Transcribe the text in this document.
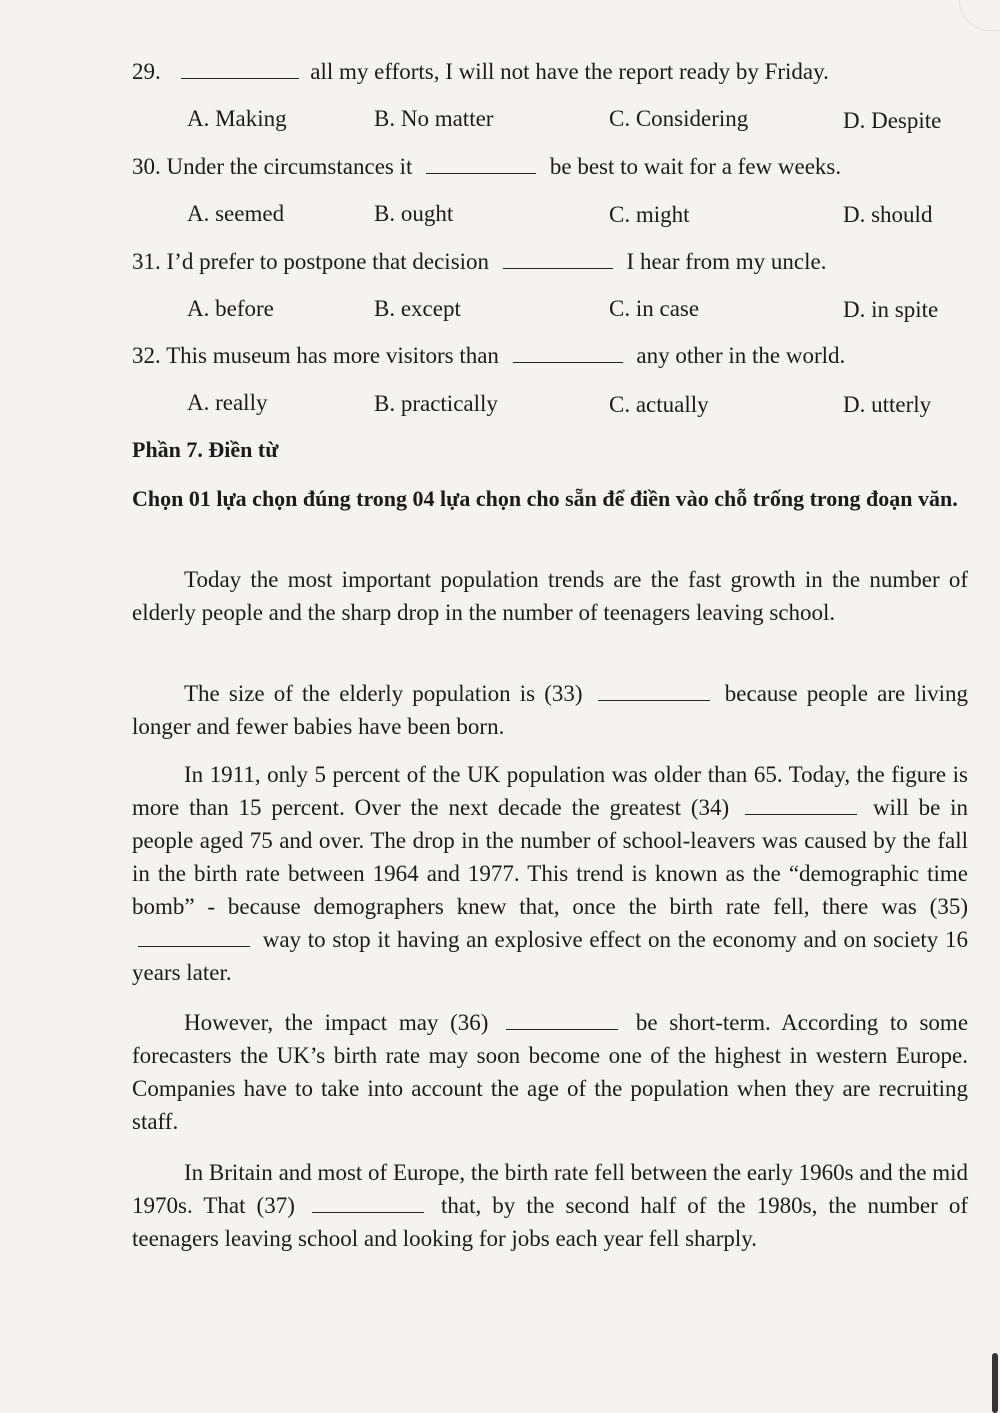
29.	all my efforts, I will not have the report ready by Friday.
A. Making	B. No matter	C. Considering	D. Despite
30. Under the circumstances it	be best to wait for a few weeks.
A. seemed	B. ought	C. might	D. should
31. I’d prefer to postpone that decision	I hear from my uncle.
A. before	B. except	C. in case	D. in spite
32. This museum has more visitors than	any other in the world.
A. really	B. practically	C. actually	D. utterly
Phần 7. Điền từ
Chọn 01 lựa chọn đúng trong 04 lựa chọn cho sẵn để điền vào chỗ trống trong đoạn văn.
Today the most important population trends are the fast growth in the number of elderly people and the sharp drop in the number of teenagers leaving school.
The size of the elderly population is (33)	because people are living longer and fewer babies have been born.
In 1911, only 5 percent of the UK population was older than 65. Today, the figure is more than 15 percent. Over the next decade the greatest (34)	will be in people aged 75 and over. The drop in the number of school-leavers was caused by the fall in the birth rate between 1964 and 1977. This trend is known as the “demographic time bomb” - because demographers knew that, once the birth rate fell, there was (35)  way to stop it having an explosive effect on the economy and on society 16 years later.
However, the impact may (36)	be short-term. According to some forecasters the UK’s birth rate may soon become one of the highest in western Europe. Companies have to take into account the age of the population when they are recruiting staff.
In Britain and most of Europe, the birth rate fell between the early 1960s and the mid 1970s. That (37)	that, by the second half of the 1980s, the number of teenagers leaving school and looking for jobs each year fell sharply.
